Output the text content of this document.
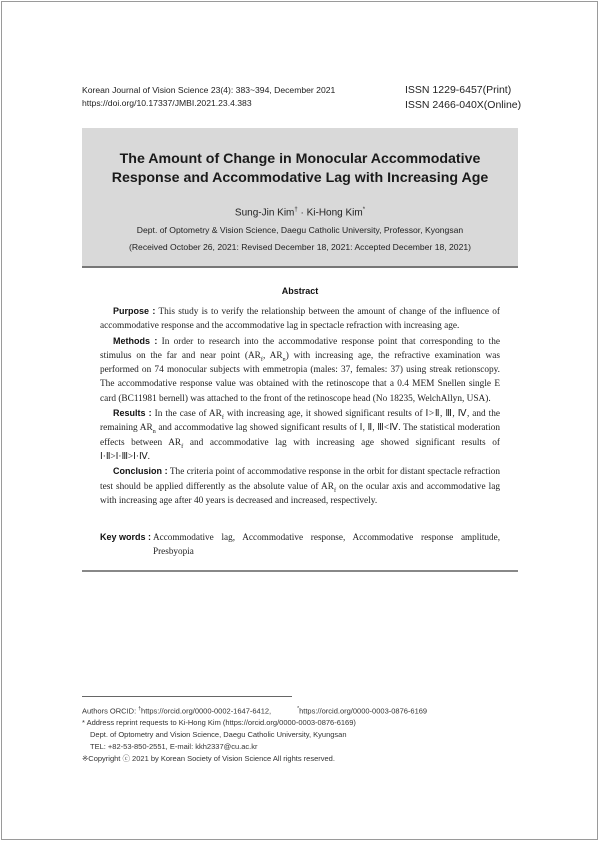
Korean Journal of Vision Science 23(4): 383~394, December 2021
https://doi.org/10.17337/JMBI.2021.23.4.383
ISSN 1229-6457(Print)
ISSN 2466-040X(Online)
The Amount of Change in Monocular Accommodative
Response and Accommodative Lag with Increasing Age
Sung-Jin Kim† · Ki-Hong Kim*
Dept. of Optometry & Vision Science, Daegu Catholic University, Professor, Kyongsan
(Received October 26, 2021: Revised December 18, 2021: Accepted December 18, 2021)
Abstract

Purpose : This study is to verify the relationship between the amount of change of the influence of accommodative response and the accommodative lag in spectacle refraction with increasing age.

Methods : In order to research into the accommodative response point that corresponding to the stimulus on the far and near point ($AR_f$, $AR_n$) with increasing age, the refractive examination was performed on 74 monocular subjects with emmetropia (males: 37, females: 37) using streak retionscopy. The accommodative response value was obtained with the retinoscope that a 0.4 MEM Snellen single E card (BC11981 bernell) was attached to the front of the retinoscope head (No 18235, WelchAllyn, USA).

Results : In the case of $AR_f$ with increasing age, it showed significant results of Ⅰ>Ⅱ, Ⅲ, Ⅳ, and the remaining $AR_n$ and accommodative lag showed significant results of Ⅰ, Ⅱ, Ⅲ<Ⅳ. The statistical moderation effects between $AR_f$ and accommodative lag with increasing age showed significant results of Ⅰ·Ⅱ>Ⅰ·Ⅲ>Ⅰ·Ⅳ.

Conclusion : The criteria point of accommodative response in the orbit for distant spectacle refraction test should be applied differently as the absolute value of $AR_f$ on the ocular axis and accommodative lag with increasing age after 40 years is decreased and increased, respectively.

Key words : Accommodative lag, Accommodative response, Accommodative response amplitude, Presbyopia
Authors ORCID: †https://orcid.org/0000-0002-1647-6412,	*https://orcid.org/0000-0003-0876-6169
* Address reprint requests to Ki-Hong Kim (https://orcid.org/0000-0003-0876-6169)
Dept. of Optometry and Vision Science, Daegu Catholic University, Kyungsan
TEL: +82-53-850-2551, E-mail: kkh2337@cu.ac.kr
※Copyright ⓒ 2021 by Korean Society of Vision Science All rights reserved.
